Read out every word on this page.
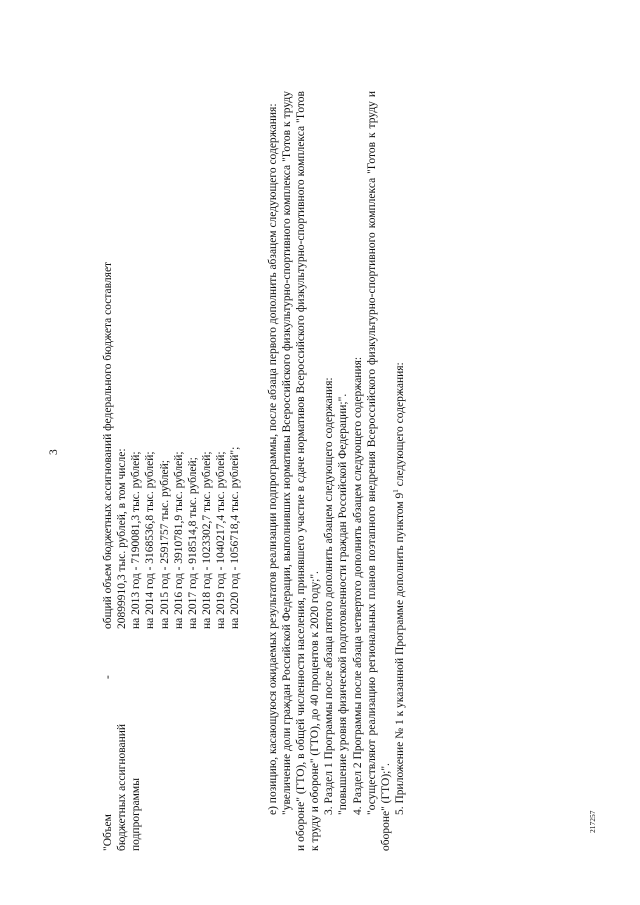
3
217257
"Объем бюджетных ассигнований подпрограммы
-
общий объем бюджетных ассигнований федерального бюджета составляет 20899910,3 тыс. рублей, в том числе: на 2013 год - 7190081,3 тыс. рублей; на 2014 год - 3168536,8 тыс. рублей; на 2015 год - 2591757 тыс. рублей; на 2016 год - 3910781,9 тыс. рублей; на 2017 год - 918514,8 тыс. рублей; на 2018 год - 1023302,7 тыс. рублей; на 2019 год - 1040217,4 тыс. рублей; на 2020 год - 1056718,4 тыс. рублей"; е) позицию, касающуюся ожидаемых результатов реализации подпрограммы, после абзаца первого дополнить абзацем следующего содержания: "увеличение доли граждан Российской Федерации, выполнивших нормативы Всероссийского физкультурно-спортивного комплекса "Готов к труду и обороне" (ГТО), в общей численности населения, принявшего участие в сдаче нормативов Всероссийского физкультурно-спортивного комплекса "Готов к труду и обороне" (ГТО), до 40 процентов к 2020 году;". 3. Раздел 1 Программы после абзаца пятого дополнить абзацем следующего содержания: "повышение уровня физической подготовленности граждан Российской Федерации;". 4. Раздел 2 Программы после абзаца четвертого дополнить абзацем следующего содержания: "осуществляют реализацию региональных планов поэтапного внедрения Всероссийского физкультурно-спортивного комплекса "Готов к труду и обороне" (ГТО);". 5. Приложение № 1 к указанной Программе дополнить пунктом $9^1$ следующего содержания:
